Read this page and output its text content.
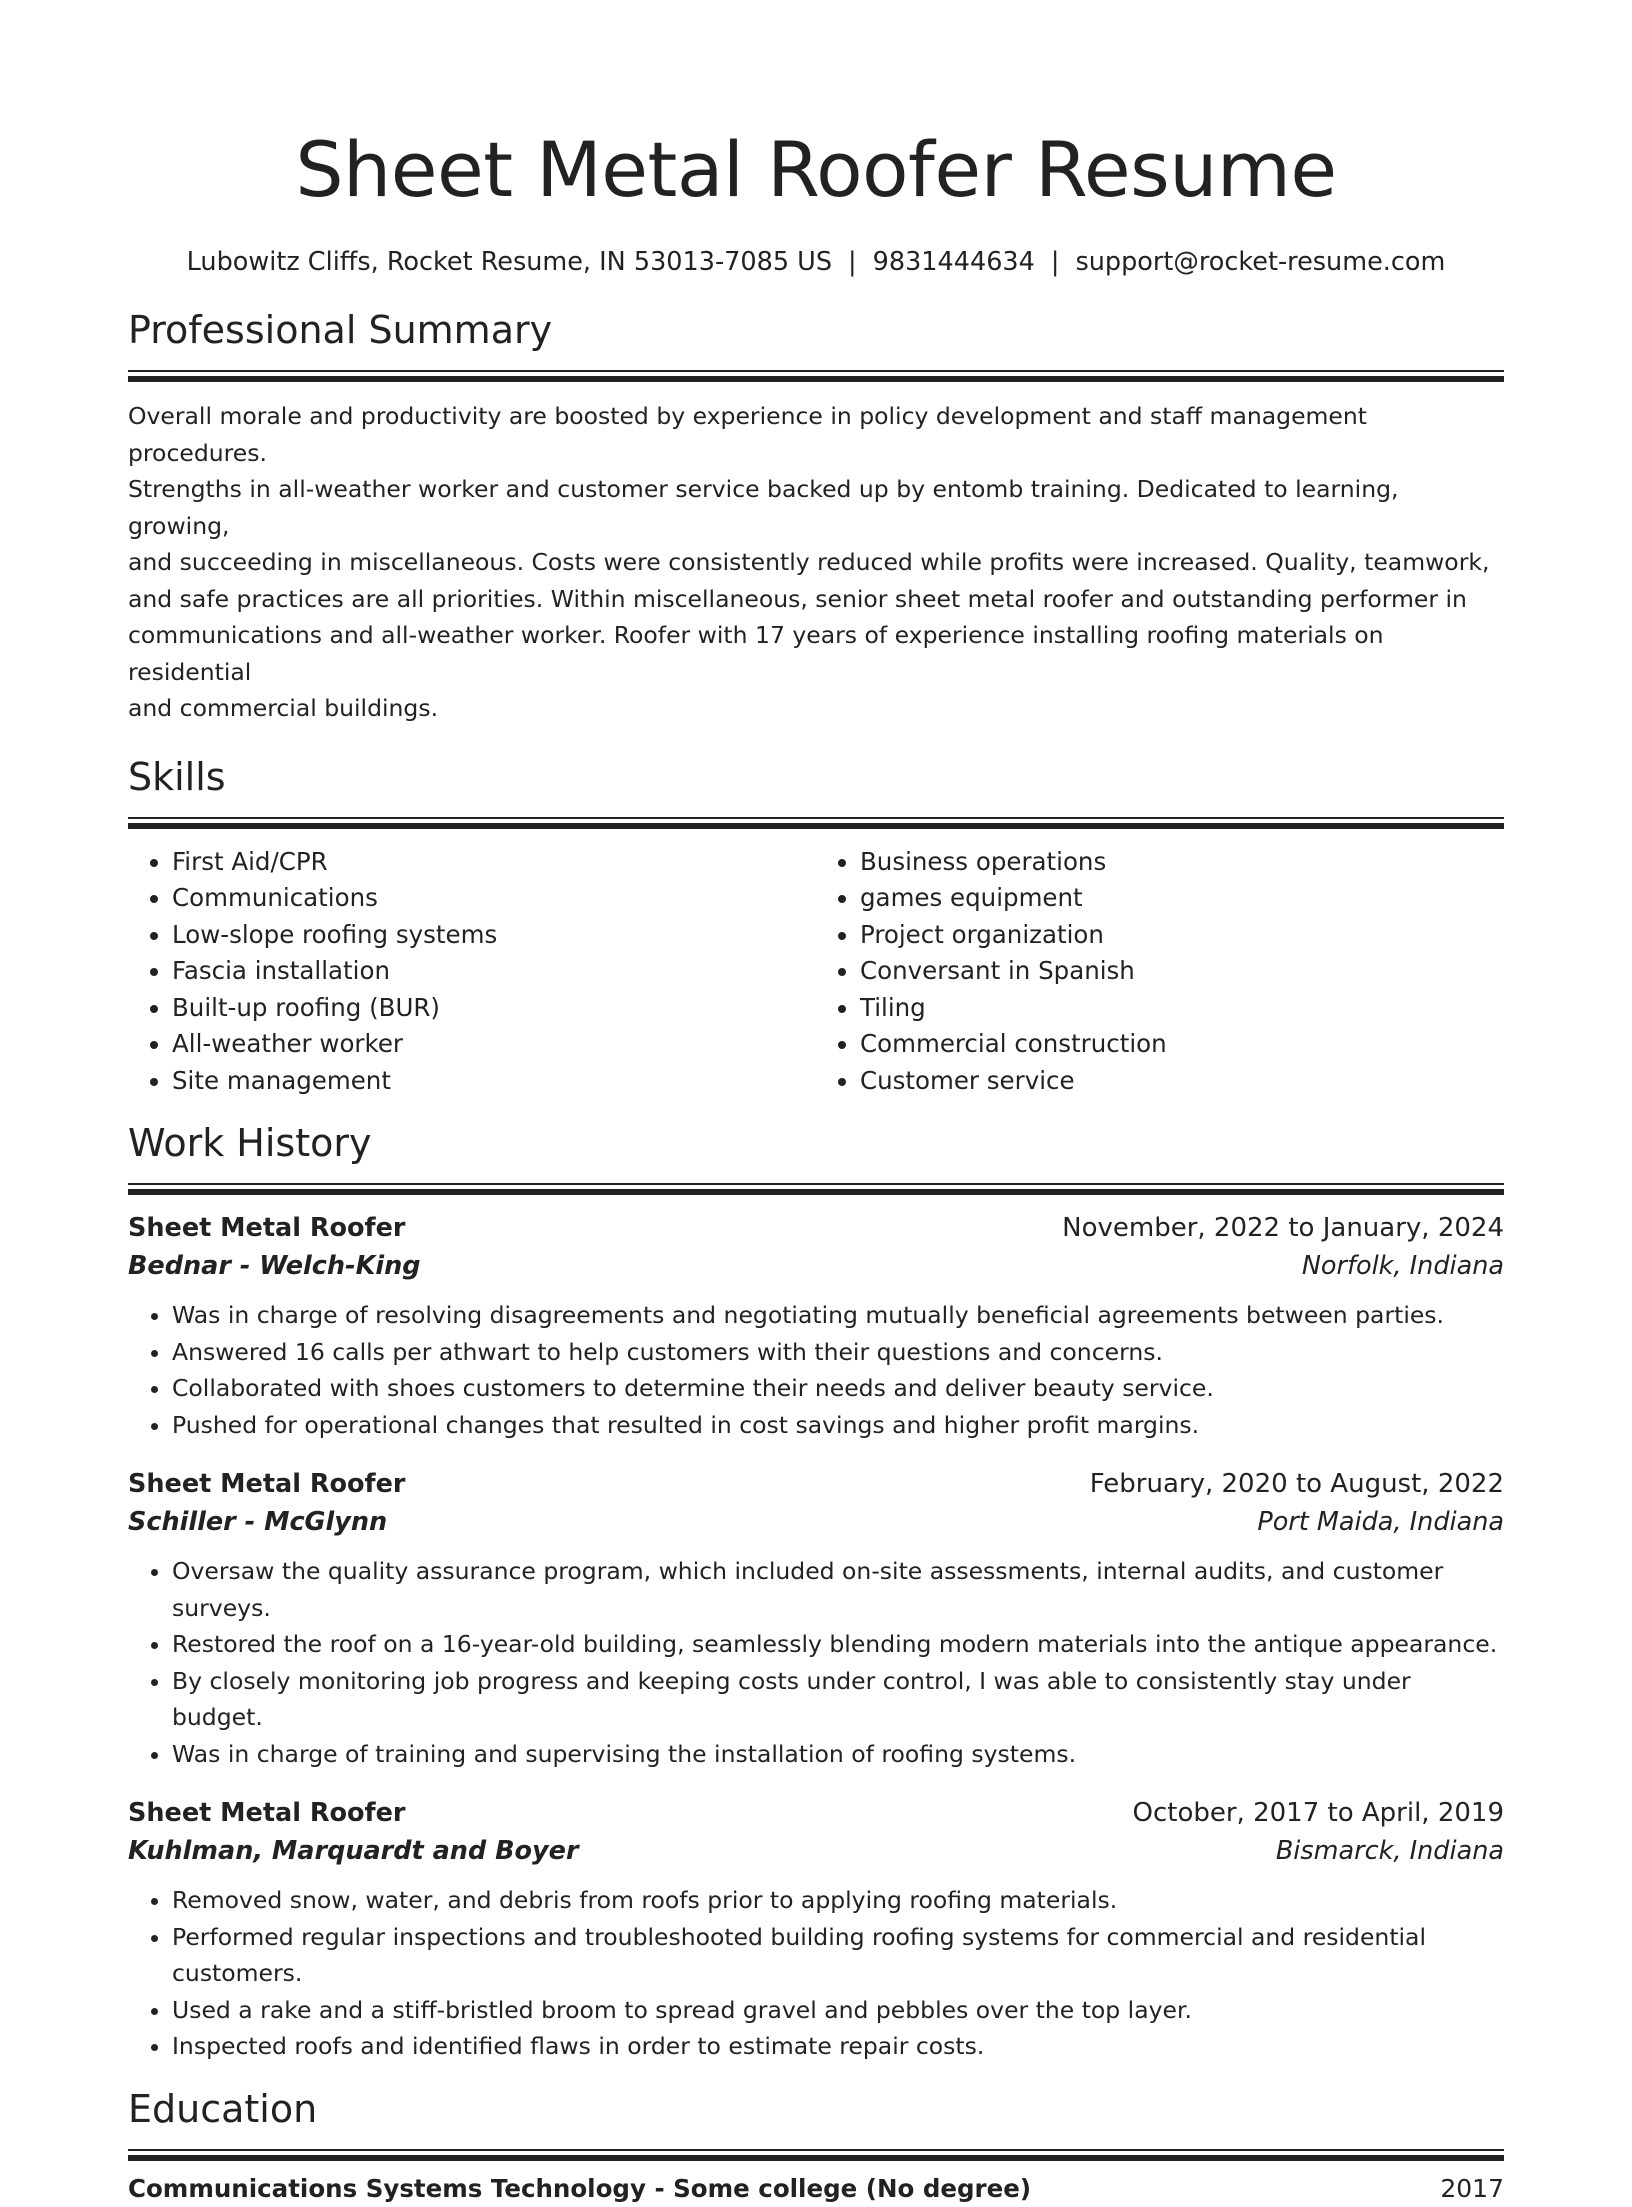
Sheet Metal Roofer Resume
Lubowitz Cliffs, Rocket Resume, IN 53013-7085 US | 9831444634 | support@rocket-resume.com
Professional Summary
Overall morale and productivity are boosted by experience in policy development and staff management procedures.
Strengths in all-weather worker and customer service backed up by entomb training. Dedicated to learning, growing,
and succeeding in miscellaneous. Costs were consistently reduced while profits were increased. Quality, teamwork,
and safe practices are all priorities. Within miscellaneous, senior sheet metal roofer and outstanding performer in
communications and all-weather worker. Roofer with 17 years of experience installing roofing materials on residential
and commercial buildings.
Skills
• First Aid/CPR
• Communications
• Low-slope roofing systems
• Fascia installation
• Built-up roofing (BUR)
• All-weather worker
• Site management
• Business operations
• games equipment
• Project organization
• Conversant in Spanish
• Tiling
• Commercial construction
• Customer service
Work History
Sheet Metal Roofer	November, 2022 to January, 2024
Bednar - Welch-King	Norfolk, Indiana
• Was in charge of resolving disagreements and negotiating mutually beneficial agreements between parties.
• Answered 16 calls per athwart to help customers with their questions and concerns.
• Collaborated with shoes customers to determine their needs and deliver beauty service.
• Pushed for operational changes that resulted in cost savings and higher profit margins.
Sheet Metal Roofer	February, 2020 to August, 2022
Schiller - McGlynn	Port Maida, Indiana
• Oversaw the quality assurance program, which included on-site assessments, internal audits, and customer surveys.
• Restored the roof on a 16-year-old building, seamlessly blending modern materials into the antique appearance.
• By closely monitoring job progress and keeping costs under control, I was able to consistently stay under budget.
• Was in charge of training and supervising the installation of roofing systems.
Sheet Metal Roofer	October, 2017 to April, 2019
Kuhlman, Marquardt and Boyer	Bismarck, Indiana
• Removed snow, water, and debris from roofs prior to applying roofing materials.
• Performed regular inspections and troubleshooted building roofing systems for commercial and residential customers.
• Used a rake and a stiff-bristled broom to spread gravel and pebbles over the top layer.
• Inspected roofs and identified flaws in order to estimate repair costs.
Education
Communications Systems Technology - Some college (No degree)	2017
